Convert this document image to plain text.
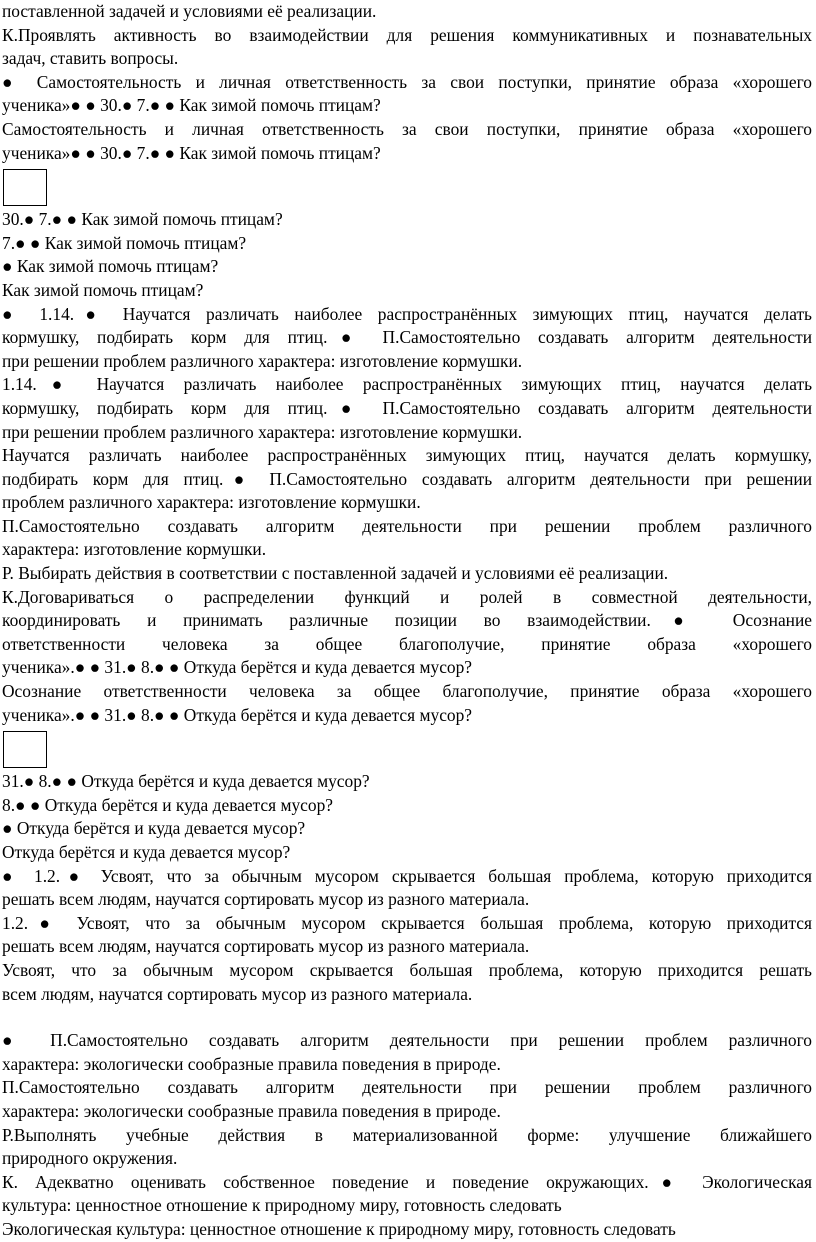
поставленной задачей и условиями её реализации.
К.Проявлять активность во взаимодействии для решения коммуникативных и познавательных
задач, ставить вопросы.
● Самостоятельность и личная ответственность за свои поступки, принятие образа «хорошего
ученика»● ● 30.● 7.● ● Как зимой помочь птицам?
Самостоятельность и личная ответственность за свои поступки, принятие образа «хорошего
ученика»● ● 30.● 7.● ● Как зимой помочь птицам?
30.● 7.● ● Как зимой помочь птицам?
7.● ● Как зимой помочь птицам?
● Как зимой помочь птицам?
Как зимой помочь птицам?
● 1.14.● Научатся различать наиболее распространённых зимующих птиц, научатся делать
кормушку, подбирать корм для птиц.● П.Самостоятельно создавать алгоритм деятельности
при решении проблем различного характера: изготовление кормушки.
1.14.● Научатся различать наиболее распространённых зимующих птиц, научатся делать
кормушку, подбирать корм для птиц.● П.Самостоятельно создавать алгоритм деятельности
при решении проблем различного характера: изготовление кормушки.
Научатся различать наиболее распространённых зимующих птиц, научатся делать кормушку,
подбирать корм для птиц.● П.Самостоятельно создавать алгоритм деятельности при решении
проблем различного характера: изготовление кормушки.
П.Самостоятельно создавать алгоритм деятельности при решении проблем различного
характера: изготовление кормушки.
Р. Выбирать действия в соответствии с поставленной задачей и условиями её реализации.
К.Договариваться о распределении функций и ролей в совместной деятельности,
координировать и принимать различные позиции во взаимодействии.● Осознание
ответственности человека за общее благополучие, принятие образа «хорошего
ученика».● ● 31.● 8.● ● Откуда берётся и куда девается мусор?
Осознание ответственности человека за общее благополучие, принятие образа «хорошего
ученика».● ● 31.● 8.● ● Откуда берётся и куда девается мусор?
31.● 8.● ● Откуда берётся и куда девается мусор?
8.● ● Откуда берётся и куда девается мусор?
● Откуда берётся и куда девается мусор?
Откуда берётся и куда девается мусор?
● 1.2.● Усвоят, что за обычным мусором скрывается большая проблема, которую приходится
решать всем людям, научатся сортировать мусор из разного материала.
1.2.● Усвоят, что за обычным мусором скрывается большая проблема, которую приходится
решать всем людям, научатся сортировать мусор из разного материала.
Усвоят, что за обычным мусором скрывается большая проблема, которую приходится решать
всем людям, научатся сортировать мусор из разного материала.
● П.Самостоятельно создавать алгоритм деятельности при решении проблем различного
характера: экологически сообразные правила поведения в природе.
П.Самостоятельно создавать алгоритм деятельности при решении проблем различного
характера: экологически сообразные правила поведения в природе.
Р.Выполнять учебные действия в материализованной форме: улучшение ближайшего
природного окружения.
К. Адекватно оценивать собственное поведение и поведение окружающих.● Экологическая
культура: ценностное отношение к природному миру, готовность следовать
Экологическая культура: ценностное отношение к природному миру, готовность следовать
